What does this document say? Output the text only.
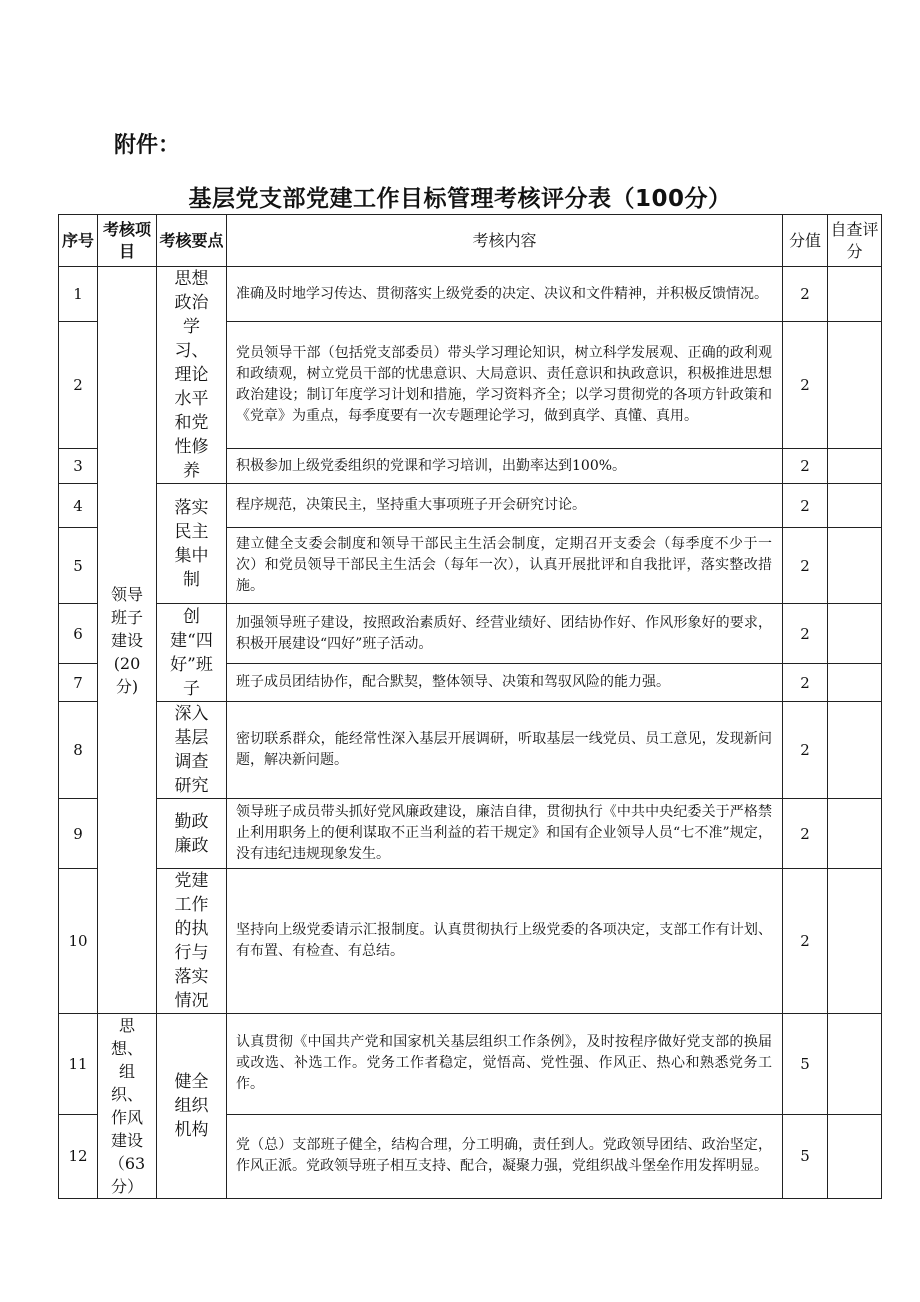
附件：
基层党支部党建工作目标管理考核评分表（100分）
序号	考核项目	考核要点	考核内容	分值	自查评分
1	领导班子建设(20分)	思想政治学习、理论水平和党性修养	准确及时地学习传达、贯彻落实上级党委的决定、决议和文件精神，并积极反馈情况。	2	
2			党员领导干部（包括党支部委员）带头学习理论知识，树立科学发展观、正确的政利观和政绩观，树立党员干部的忧患意识、大局意识、责任意识和执政意识，积极推进思想政治建设；制订年度学习计划和措施，学习资料齐全；以学习贯彻党的各项方针政策和《党章》为重点，每季度要有一次专题理论学习，做到真学、真懂、真用。	2	
3			积极参加上级党委组织的党课和学习培训，出勤率达到100%。	2	
4		落实民主集中制	程序规范，决策民主，坚持重大事项班子开会研究讨论。	2	
5			建立健全支委会制度和领导干部民主生活会制度，定期召开支委会（每季度不少于一次）和党员领导干部民主生活会（每年一次），认真开展批评和自我批评，落实整改措施。	2	
6		创建“四好”班子	加强领导班子建设，按照政治素质好、经营业绩好、团结协作好、作风形象好的要求，积极开展建设“四好”班子活动。	2	
7			班子成员团结协作，配合默契，整体领导、决策和驾驭风险的能力强。	2	
8		深入基层调查研究	密切联系群众，能经常性深入基层开展调研，听取基层一线党员、员工意见，发现新问题，解决新问题。	2	
9		勤政廉政	领导班子成员带头抓好党风廉政建设，廉洁自律，贯彻执行《中共中央纪委关于严格禁止利用职务上的便利谋取不正当利益的若干规定》和国有企业领导人员“七不准”规定，没有违纪违规现象发生。	2	
10		党建工作的执行与落实情况	坚持向上级党委请示汇报制度。认真贯彻执行上级党委的各项决定，支部工作有计划、有布置、有检查、有总结。	2	
11	思想、组织、作风建设（63分）	健全组织机构	认真贯彻《中国共产党和国家机关基层组织工作条例》，及时按程序做好党支部的换届或改选、补选工作。党务工作者稳定，觉悟高、党性强、作风正、热心和熟悉党务工作。	5	
12			党（总）支部班子健全，结构合理，分工明确，责任到人。党政领导团结、政治坚定，作风正派。党政领导班子相互支持、配合，凝聚力强，党组织战斗堡垒作用发挥明显。	5	
